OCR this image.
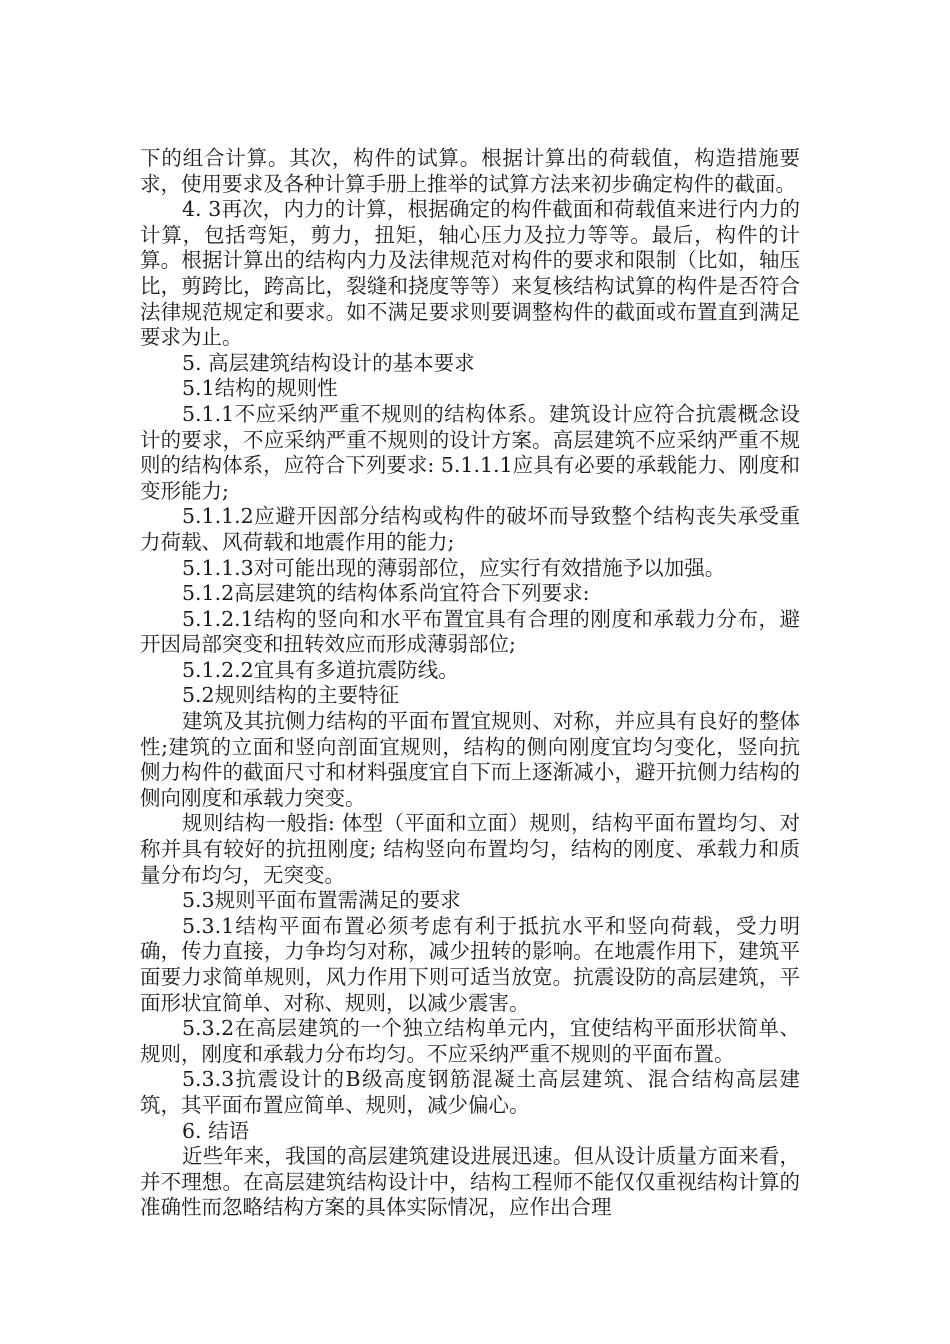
下的组合计算。其次，构件的试算。根据计算出的荷载值，构造措施要求，使用要求及各种计算手册上推举的试算方法来初步确定构件的截面。

4. 3再次，内力的计算，根据确定的构件截面和荷载值来进行内力的计算，包括弯矩，剪力，扭矩，轴心压力及拉力等等。最后，构件的计算。根据计算出的结构内力及法律规范对构件的要求和限制（比如，轴压比，剪跨比，跨高比，裂缝和挠度等等）来复核结构试算的构件是否符合法律规范规定和要求。如不满足要求则要调整构件的截面或布置直到满足要求为止。

5. 高层建筑结构设计的基本要求

5.1结构的规则性

5.1.1不应采纳严重不规则的结构体系。建筑设计应符合抗震概念设计的要求，不应采纳严重不规则的设计方案。高层建筑不应采纳严重不规则的结构体系，应符合下列要求: 5.1.1.1应具有必要的承载能力、刚度和变形能力;

5.1.1.2应避开因部分结构或构件的破坏而导致整个结构丧失承受重力荷载、风荷载和地震作用的能力;

5.1.1.3对可能出现的薄弱部位，应实行有效措施予以加强。

5.1.2高层建筑的结构体系尚宜符合下列要求:

5.1.2.1结构的竖向和水平布置宜具有合理的刚度和承载力分布，避开因局部突变和扭转效应而形成薄弱部位;

5.1.2.2宜具有多道抗震防线。

5.2规则结构的主要特征

建筑及其抗侧力结构的平面布置宜规则、对称，并应具有良好的整体性;建筑的立面和竖向剖面宜规则，结构的侧向刚度宜均匀变化，竖向抗侧力构件的截面尺寸和材料强度宜自下而上逐渐减小，避开抗侧力结构的侧向刚度和承载力突变。

规则结构一般指: 体型（平面和立面）规则，结构平面布置均匀、对称并具有较好的抗扭刚度; 结构竖向布置均匀，结构的刚度、承载力和质量分布均匀，无突变。

5.3规则平面布置需满足的要求

5.3.1结构平面布置必须考虑有利于抵抗水平和竖向荷载，受力明确，传力直接，力争均匀对称，减少扭转的影响。在地震作用下，建筑平面要力求简单规则，风力作用下则可适当放宽。抗震设防的高层建筑，平面形状宜简单、对称、规则，以减少震害。

5.3.2在高层建筑的一个独立结构单元内，宜使结构平面形状简单、规则，刚度和承载力分布均匀。不应采纳严重不规则的平面布置。

5.3.3抗震设计的B级高度钢筋混凝土高层建筑、混合结构高层建筑，其平面布置应简单、规则，减少偏心。

6. 结语

近些年来，我国的高层建筑建设进展迅速。但从设计质量方面来看，并不理想。在高层建筑结构设计中，结构工程师不能仅仅重视结构计算的准确性而忽略结构方案的具体实际情况，应作出合理
